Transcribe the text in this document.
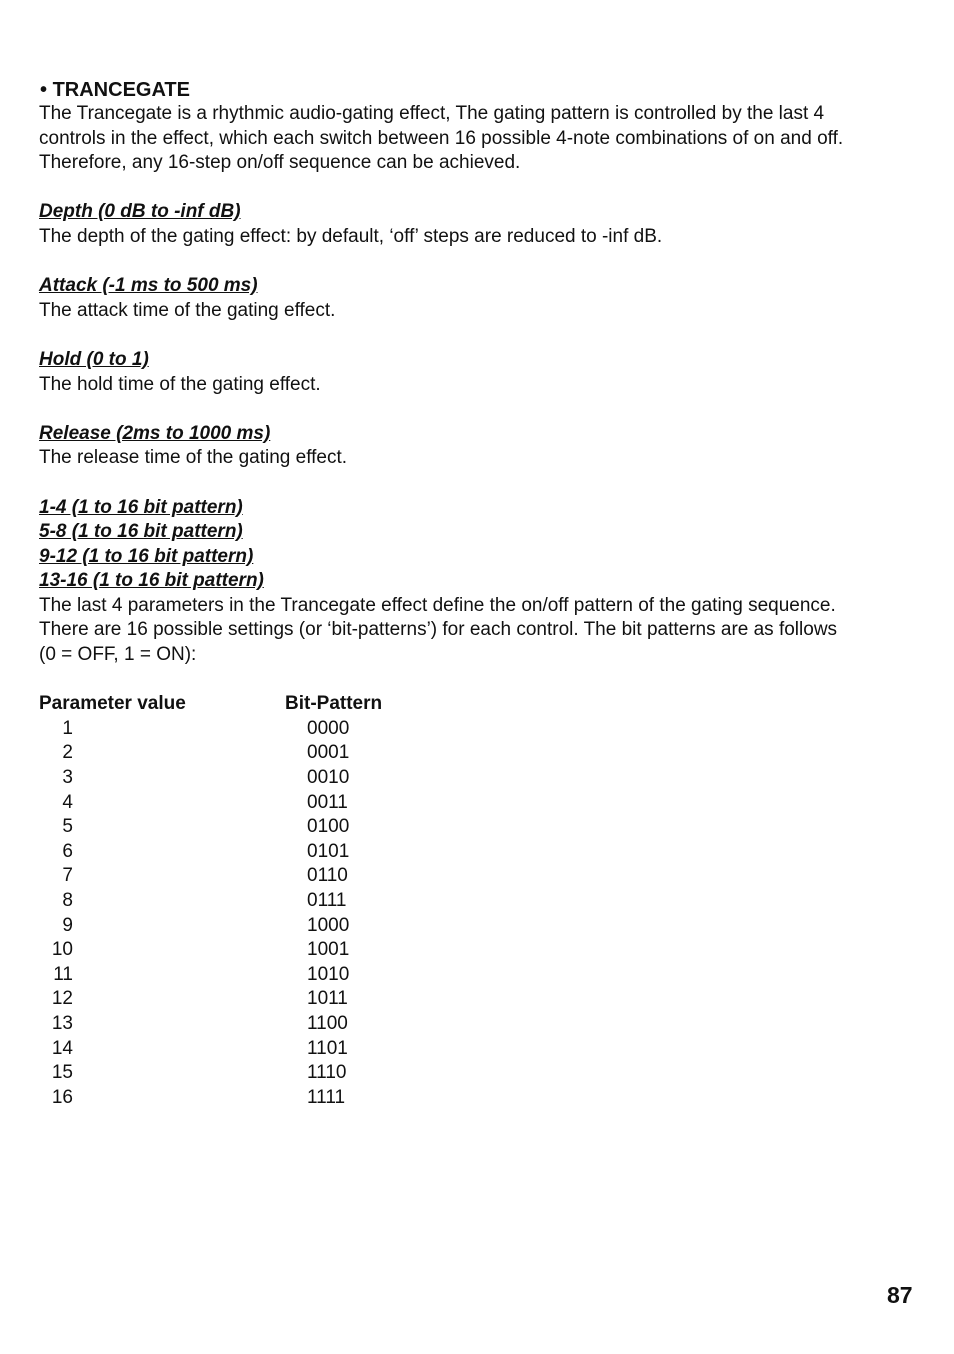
• TRANCEGATE

The Trancegate is a rhythmic audio-gating effect, The gating pattern is controlled by the last 4

controls in the effect, which each switch between 16 possible 4-note combinations of on and off.

Therefore, any 16-step on/off sequence can be achieved.

Depth (0 dB to -inf dB)

The depth of the gating effect: by default, ‘off’ steps are reduced to -inf dB.

Attack (-1 ms to 500 ms)

The attack time of the gating effect.

Hold (0 to 1)

The hold time of the gating effect.

Release (2ms to 1000 ms)

The release time of the gating effect.

1-4 (1 to 16 bit pattern)

5-8 (1 to 16 bit pattern)

9-12 (1 to 16 bit pattern)

13-16 (1 to 16 bit pattern)

The last 4 parameters in the Trancegate effect define the on/off pattern of the gating sequence.

There are 16 possible settings (or ‘bit-patterns’) for each control. The bit patterns are as follows

(0 = OFF, 1 = ON):

Parameter value	Bit-Pattern
1	0000
2	0001
3	0010
4	0011
5	0100
6	0101
7	0110
8	0111
9	1000
10	1001
11	1010
12	1011
13	1100
14	1101
15	1110
16	1111
87
